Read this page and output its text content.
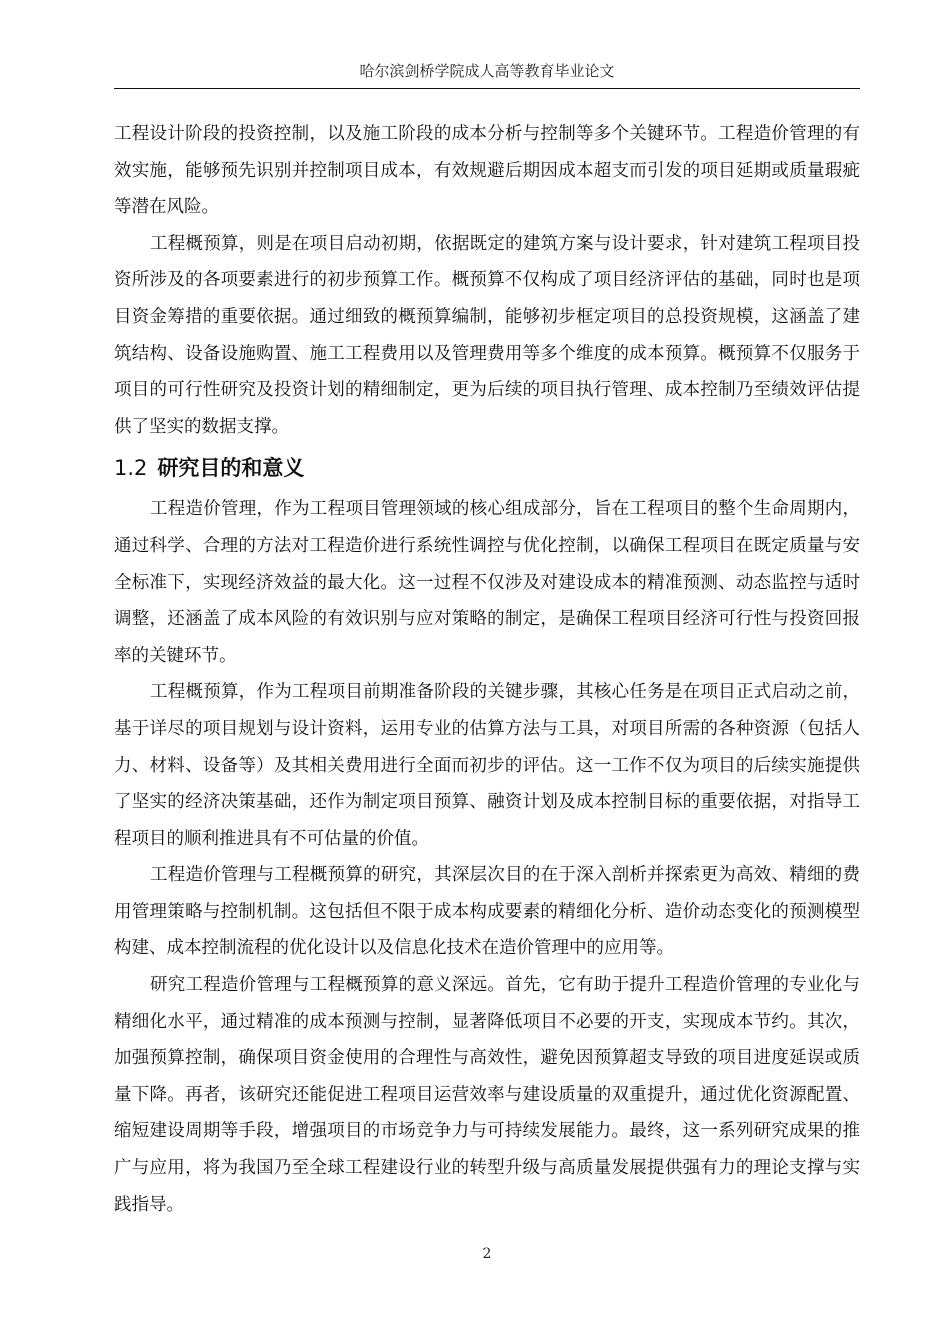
哈尔滨剑桥学院成人高等教育毕业论文

工程设计阶段的投资控制，以及施工阶段的成本分析与控制等多个关键环节。工程造价管理的有效实施，能够预先识别并控制项目成本，有效规避后期因成本超支而引发的项目延期或质量瑕疵等潜在风险。

工程概预算，则是在项目启动初期，依据既定的建筑方案与设计要求，针对建筑工程项目投资所涉及的各项要素进行的初步预算工作。概预算不仅构成了项目经济评估的基础，同时也是项目资金筹措的重要依据。通过细致的概预算编制，能够初步框定项目的总投资规模，这涵盖了建筑结构、设备设施购置、施工工程费用以及管理费用等多个维度的成本预算。概预算不仅服务于项目的可行性研究及投资计划的精细制定，更为后续的项目执行管理、成本控制乃至绩效评估提供了坚实的数据支撑。

1.2 研究目的和意义

工程造价管理，作为工程项目管理领域的核心组成部分，旨在工程项目的整个生命周期内，通过科学、合理的方法对工程造价进行系统性调控与优化控制，以确保工程项目在既定质量与安全标准下，实现经济效益的最大化。这一过程不仅涉及对建设成本的精准预测、动态监控与适时调整，还涵盖了成本风险的有效识别与应对策略的制定，是确保工程项目经济可行性与投资回报率的关键环节。

工程概预算，作为工程项目前期准备阶段的关键步骤，其核心任务是在项目正式启动之前，基于详尽的项目规划与设计资料，运用专业的估算方法与工具，对项目所需的各种资源（包括人力、材料、设备等）及其相关费用进行全面而初步的评估。这一工作不仅为项目的后续实施提供了坚实的经济决策基础，还作为制定项目预算、融资计划及成本控制目标的重要依据，对指导工程项目的顺利推进具有不可估量的价值。

工程造价管理与工程概预算的研究，其深层次目的在于深入剖析并探索更为高效、精细的费用管理策略与控制机制。这包括但不限于成本构成要素的精细化分析、造价动态变化的预测模型构建、成本控制流程的优化设计以及信息化技术在造价管理中的应用等。

研究工程造价管理与工程概预算的意义深远。首先，它有助于提升工程造价管理的专业化与精细化水平，通过精准的成本预测与控制，显著降低项目不必要的开支，实现成本节约。其次，加强预算控制，确保项目资金使用的合理性与高效性，避免因预算超支导致的项目进度延误或质量下降。再者，该研究还能促进工程项目运营效率与建设质量的双重提升，通过优化资源配置、缩短建设周期等手段，增强项目的市场竞争力与可持续发展能力。最终，这一系列研究成果的推广与应用，将为我国乃至全球工程建设行业的转型升级与高质量发展提供强有力的理论支撑与实践指导。

2
